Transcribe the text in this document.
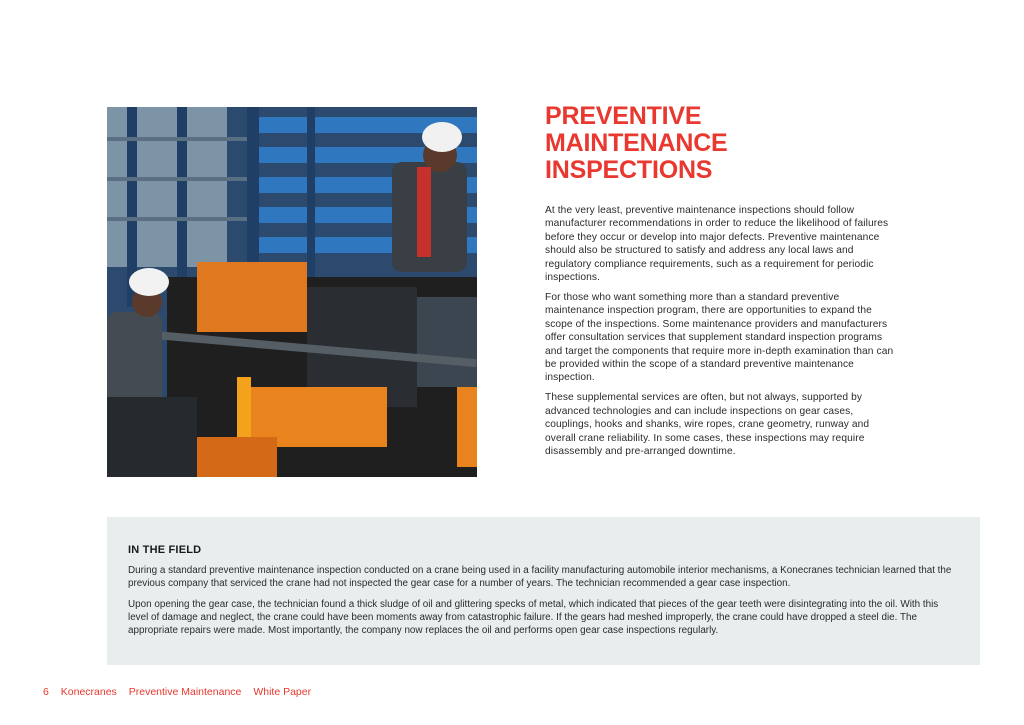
PREVENTIVE
MAINTENANCE
INSPECTIONS

At the very least, preventive maintenance inspections should follow manufacturer recommendations in order to reduce the likelihood of failures before they occur or develop into major defects. Preventive maintenance should also be structured to satisfy and address any local laws and regulatory compliance requirements, such as a requirement for periodic inspections.

For those who want something more than a standard preventive maintenance inspection program, there are opportunities to expand the scope of the inspections. Some maintenance providers and manufacturers offer consultation services that supplement standard inspection programs and target the components that require more in-depth examination than can be provided within the scope of a standard preventive maintenance inspection.

These supplemental services are often, but not always, supported by advanced technologies and can include inspections on gear cases, couplings, hooks and shanks, wire ropes, crane geometry, runway and overall crane reliability. In some cases, these inspections may require disassembly and pre-arranged downtime.

IN THE FIELD

During a standard preventive maintenance inspection conducted on a crane being used in a facility manufacturing automobile interior mechanisms, a Konecranes technician learned that the previous company that serviced the crane had not inspected the gear case for a number of years. The technician recommended a gear case inspection.

Upon opening the gear case, the technician found a thick sludge of oil and glittering specks of metal, which indicated that pieces of the gear teeth were disintegrating into the oil. With this level of damage and neglect, the crane could have been moments away from catastrophic failure. If the gears had meshed improperly, the crane could have dropped a steel die. The appropriate repairs were made. Most importantly, the company now replaces the oil and performs open gear case inspections regularly.

6 Konecranes Preventive Maintenance White Paper
